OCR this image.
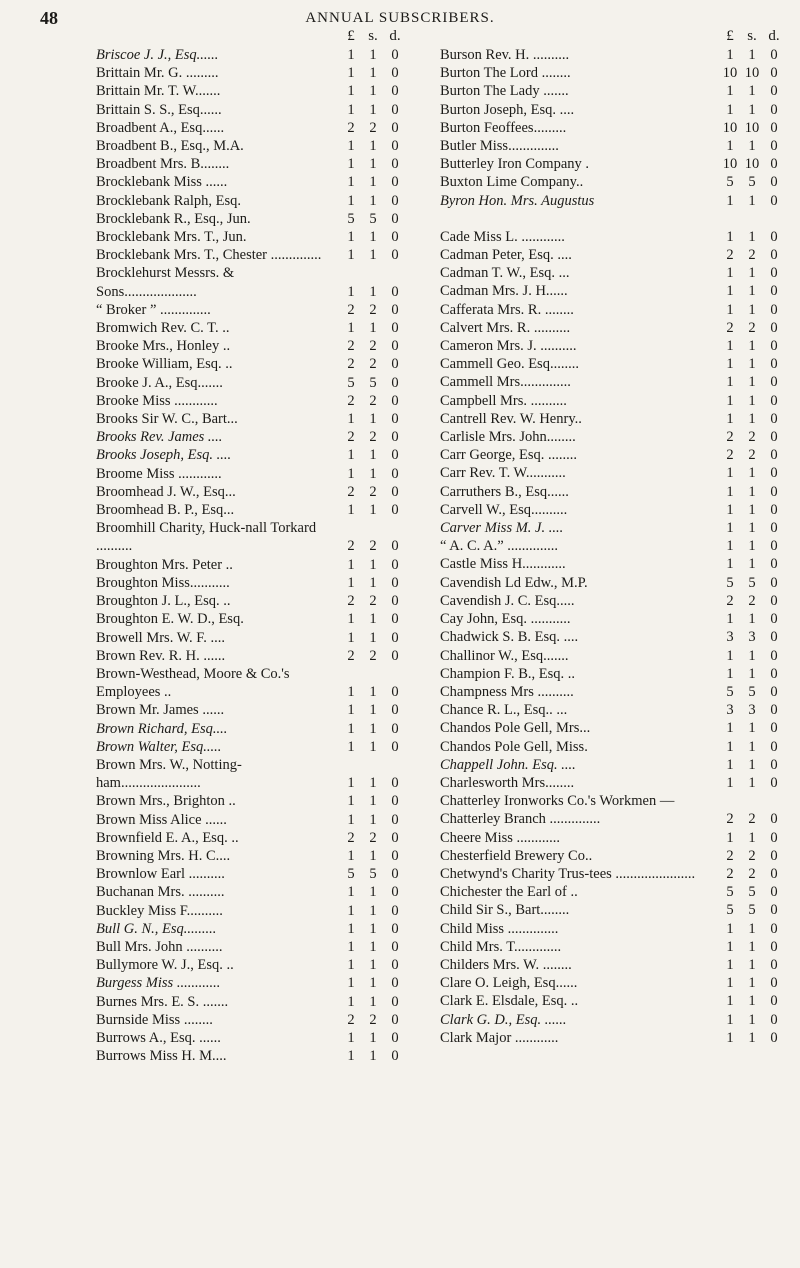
48	ANNUAL SUBSCRIBERS.
£ s. d.
Briscoe J. J., Esq......	1	1	0
Brittain Mr. G. .........	1	1	0
Brittain Mr. T. W.......	1	1	0
Brittain S. S., Esq......	1	1	0
Broadbent A., Esq......	2	2	0
Broadbent B., Esq., M.A.	1	1	0
Broadbent Mrs. B........	1	1	0
Brocklebank Miss ......	1	1	0
Brocklebank Ralph, Esq.	1	1	0
Brocklebank R., Esq., Jun.	5	5	0
Brocklebank Mrs. T., Jun.	1	1	0
Brocklebank Mrs. T., Chester ..............	1	1	0
Brocklehurst Messrs. & Sons....................	1	1	0
“ Broker ” ..............	2	2	0
Bromwich Rev. C. T. ..	1	1	0
Brooke Mrs., Honley ..	2	2	0
Brooke William, Esq. ..	2	2	0
Brooke J. A., Esq.......	5	5	0
Brooke Miss ............	2	2	0
Brooks Sir W. C., Bart...	1	1	0
Brooks Rev. James ....	2	2	0
Brooks Joseph, Esq. ....	1	1	0
Broome Miss ............	1	1	0
Broomhead J. W., Esq...	2	2	0
Broomhead B. P., Esq...	1	1	0
Broomhill Charity, Huck-nall Torkard ..........	2	2	0
Broughton Mrs. Peter ..	1	1	0
Broughton Miss...........	1	1	0
Broughton J. L., Esq. ..	2	2	0
Broughton E. W. D., Esq.	1	1	0
Browell Mrs. W. F. ....	1	1	0
Brown Rev. R. H. ......	2	2	0
Brown-Westhead, Moore & Co.'s Employees ..	1	1	0
Brown Mr. James ......	1	1	0
Brown Richard, Esq....	1	1	0
Brown Walter, Esq.....	1	1	0
Brown Mrs. W., Notting-ham......................	1	1	0
Brown Mrs., Brighton ..	1	1	0
Brown Miss Alice ......	1	1	0
Brownfield E. A., Esq. ..	2	2	0
Browning Mrs. H. C....	1	1	0
Brownlow Earl ..........	5	5	0
Buchanan Mrs. ..........	1	1	0
Buckley Miss F..........	1	1	0
Bull G. N., Esq.........	1	1	0
Bull Mrs. John ..........	1	1	0
Bullymore W. J., Esq. ..	1	1	0
Burgess Miss ............	1	1	0
Burnes Mrs. E. S. .......	1	1	0
Burnside Miss ........	2	2	0
Burrows A., Esq. ......	1	1	0
Burrows Miss H. M....	1	1	0
£ s. d.
Burson Rev. H. ..........	1	1	0
Burton The Lord ........	10 10 0
Burton The Lady .......	1	1	0
Burton Joseph, Esq. ....	1	1	0
Burton Feoffees.........	10 10 0
Butler Miss..............	1	1	0
Butterley Iron Company .	10 10 0
Buxton Lime Company..	5	5	0
Byron Hon. Mrs. Augustus	1	1	0
Cade Miss L. ............	1	1	0
Cadman Peter, Esq. ....	2	2	0
Cadman T. W., Esq. ...	1	1	0
Cadman Mrs. J. H......	1	1	0
Cafferata Mrs. R. ........	1	1	0
Calvert Mrs. R. ..........	2	2	0
Cameron Mrs. J. ..........	1	1	0
Cammell Geo. Esq........	1	1	0
Cammell Mrs..............	1	1	0
Campbell Mrs. ..........	1	1	0
Cantrell Rev. W. Henry..	1	1	0
Carlisle Mrs. John........	2	2	0
Carr George, Esq. ........	2	2	0
Carr Rev. T. W...........	1	1	0
Carruthers B., Esq......	1	1	0
Carvell W., Esq..........	1	1	0
Carver Miss M. J. ....	1	1	0
“ A. C. A.” ..............	1	1	0
Castle Miss H............	1	1	0
Cavendish Ld Edw., M.P.	5	5	0
Cavendish J. C. Esq.....	2	2	0
Cay John, Esq. ...........	1	1	0
Chadwick S. B. Esq. ....	3	3	0
Challinor W., Esq.......	1	1	0
Champion F. B., Esq. ..	1	1	0
Champness Mrs ..........	5	5	0
Chance R. L., Esq.. ...	3	3	0
Chandos Pole Gell, Mrs...	1	1	0
Chandos Pole Gell, Miss.	1	1	0
Chappell John. Esq. ....	1	1	0
Charlesworth Mrs........	1	1	0
Chatterley Ironworks Co.'s Workmen — Chatterley Branch ..............	2	2	0
Cheere Miss ............	1	1	0
Chesterfield Brewery Co..	2	2	0
Chetwynd's Charity Trus-tees ......................	2	2	0
Chichester the Earl of ..	5	5	0
Child Sir S., Bart........	5	5	0
Child Miss ..............	1	1	0
Child Mrs. T.............	1	1	0
Childers Mrs. W. ........	1	1	0
Clare O. Leigh, Esq......	1	1	0
Clark E. Elsdale, Esq. ..	1	1	0
Clark G. D., Esq. ......	1	1	0
Clark Major ............	1	1	0
